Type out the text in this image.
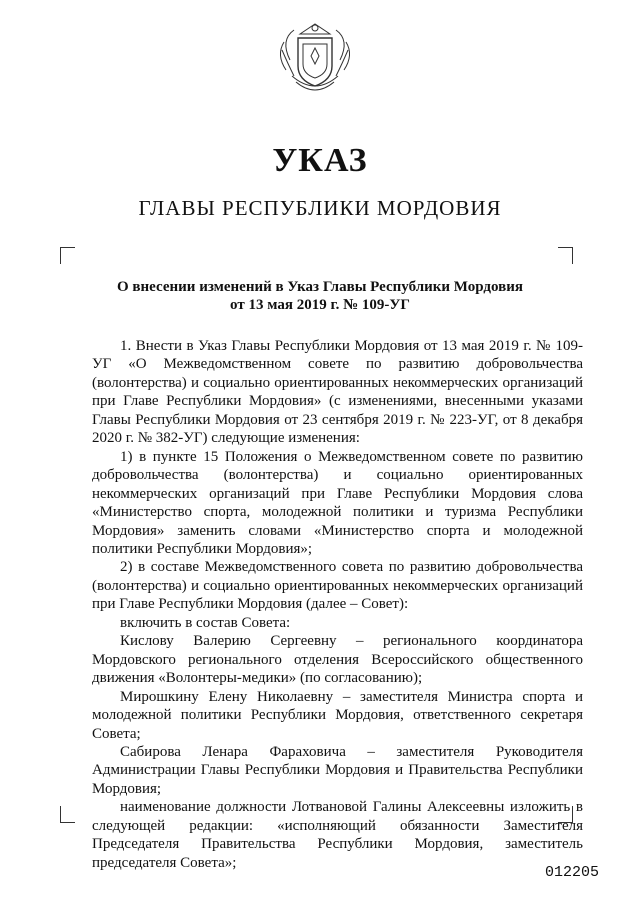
УКАЗ
ГЛАВЫ РЕСПУБЛИКИ МОРДОВИЯ
О внесении изменений в Указ Главы Республики Мордовия
от 13 мая 2019 г. № 109-УГ

1. Внести в Указ Главы Республики Мордовия от 13 мая 2019 г. № 109-УГ «О Межведомственном совете по развитию добровольчества (волонтерства) и социально ориентированных некоммерческих организаций при Главе Республики Мордовия» (с изменениями, внесенными указами Главы Республики Мордовия от 23 сентября 2019 г. № 223-УГ, от 8 декабря 2020 г. № 382-УГ) следующие изменения:

1) в пункте 15 Положения о Межведомственном совете по развитию добровольчества (волонтерства) и социально ориентированных некоммерческих организаций при Главе Республики Мордовия слова «Министерство спорта, молодежной политики и туризма Республики Мордовия» заменить словами «Министерство спорта и молодежной политики Республики Мордовия»;

2) в составе Межведомственного совета по развитию добровольчества (волонтерства) и социально ориентированных некоммерческих организаций при Главе Республики Мордовия (далее – Совет):

включить в состав Совета:

Кислову Валерию Сергеевну – регионального координатора Мордовского регионального отделения Всероссийского общественного движения «Волонтеры-медики» (по согласованию);

Мирошкину Елену Николаевну – заместителя Министра спорта и молодежной политики Республики Мордовия, ответственного секретаря Совета;

Сабирова Ленара Фараховича – заместителя Руководителя Администрации Главы Республики Мордовия и Правительства Республики Мордовия;

наименование должности Лотвановой Галины Алексеевны изложить в следующей редакции: «исполняющий обязанности Заместителя Председателя Правительства Республики Мордовия, заместитель председателя Совета»;

012205
